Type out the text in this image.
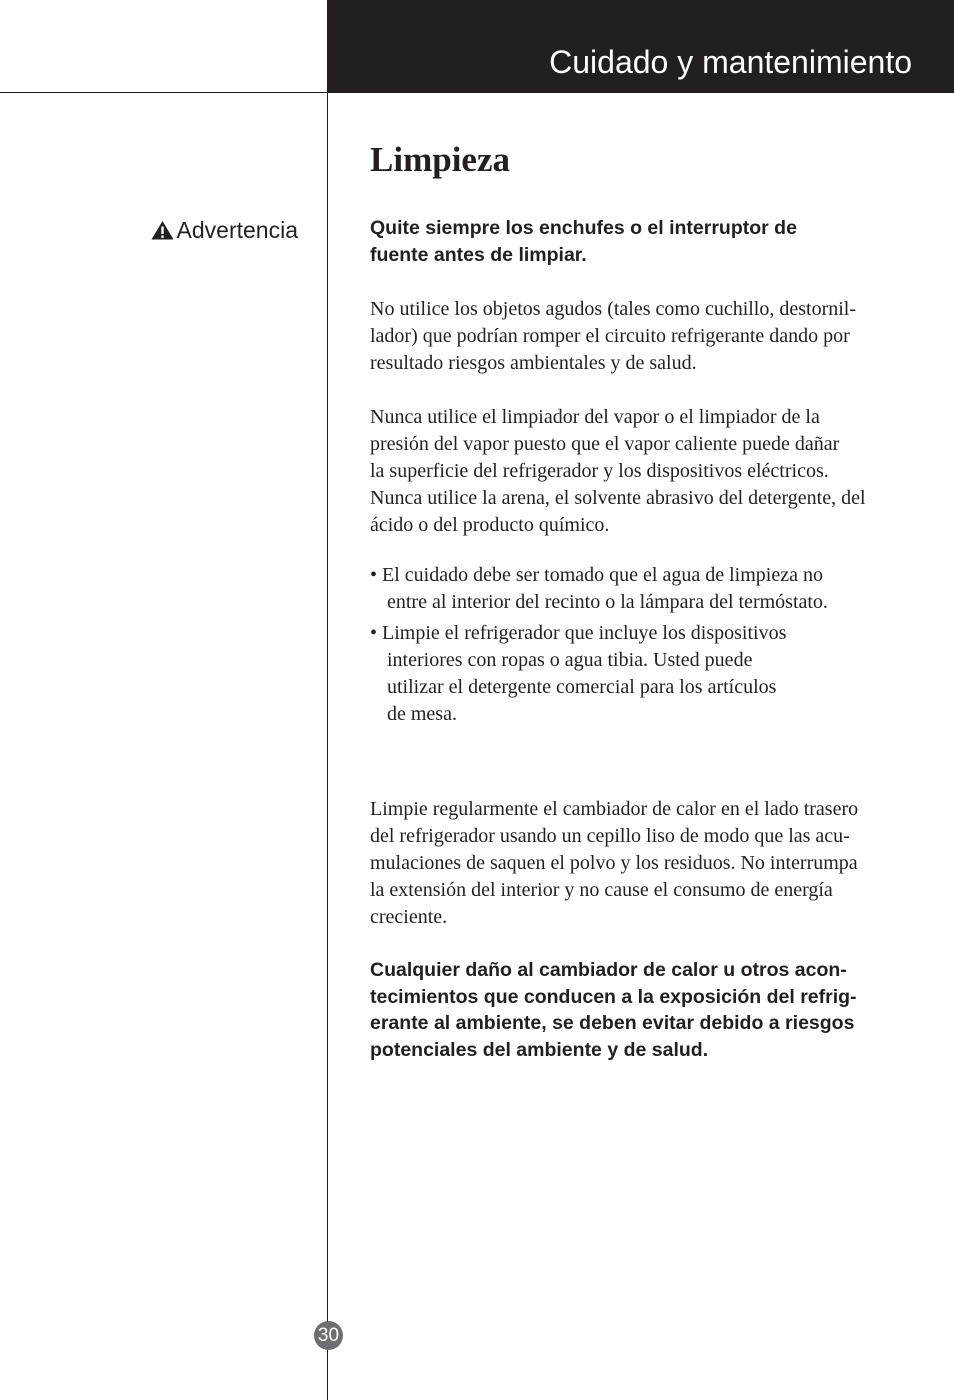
Cuidado y mantenimiento
Advertencia
Limpieza
Quite siempre los enchufes o el interruptor de
fuente antes de limpiar.
No utilice los objetos agudos (tales como cuchillo, destornil-
lador) que podrían romper el circuito refrigerante dando por
resultado riesgos ambientales y de salud.
Nunca utilice el limpiador del vapor o el limpiador de la
presión del vapor puesto que el vapor caliente puede dañar
la superficie del refrigerador y los dispositivos eléctricos.
Nunca utilice la arena, el solvente abrasivo del detergente, del
ácido o del producto químico.
• El cuidado debe ser tomado que el agua de limpieza no
entre al interior del recinto o la lámpara del termóstato.
• Limpie el refrigerador que incluye los dispositivos
interiores con ropas o agua tibia. Usted puede
utilizar el detergente comercial para los artículos
de mesa.
Limpie regularmente el cambiador de calor en el lado trasero
del refrigerador usando un cepillo liso de modo que las acu-
mulaciones de saquen el polvo y los residuos. No interrumpa
la extensión del interior y no cause el consumo de energía
creciente.
Cualquier daño al cambiador de calor u otros acon-
tecimientos que conducen a la exposición del refrig-
erante al ambiente, se deben evitar debido a riesgos
potenciales del ambiente y de salud.
30
